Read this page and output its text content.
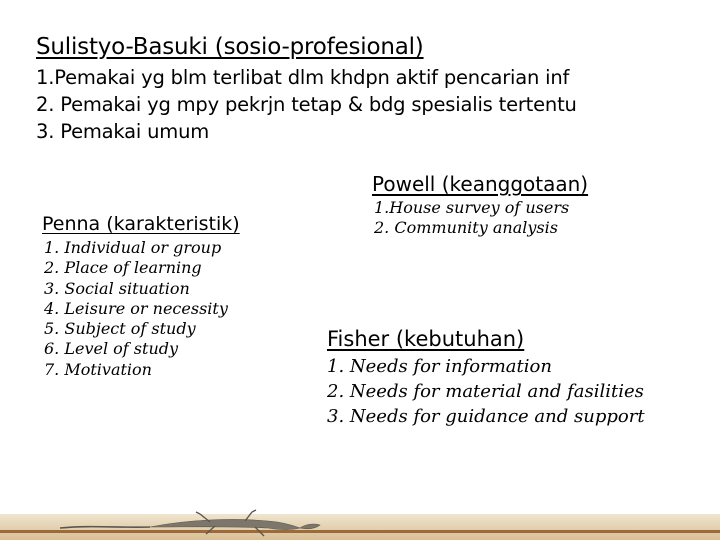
Sulistyo-Basuki (sosio-profesional)
1.Pemakai yg blm terlibat dlm khdpn aktif pencarian inf
2. Pemakai yg mpy pekrjn tetap & bdg spesialis tertentu
3. Pemakai umum
Powell (keanggotaan)
1.House survey of users
2. Community analysis
Penna (karakteristik)
1. Individual or group
2. Place of learning
3. Social situation
4. Leisure or necessity
5. Subject of study
6. Level of study
7. Motivation
Fisher (kebutuhan)
1. Needs for information
2. Needs for material and fasilities
3. Needs for guidance and support
